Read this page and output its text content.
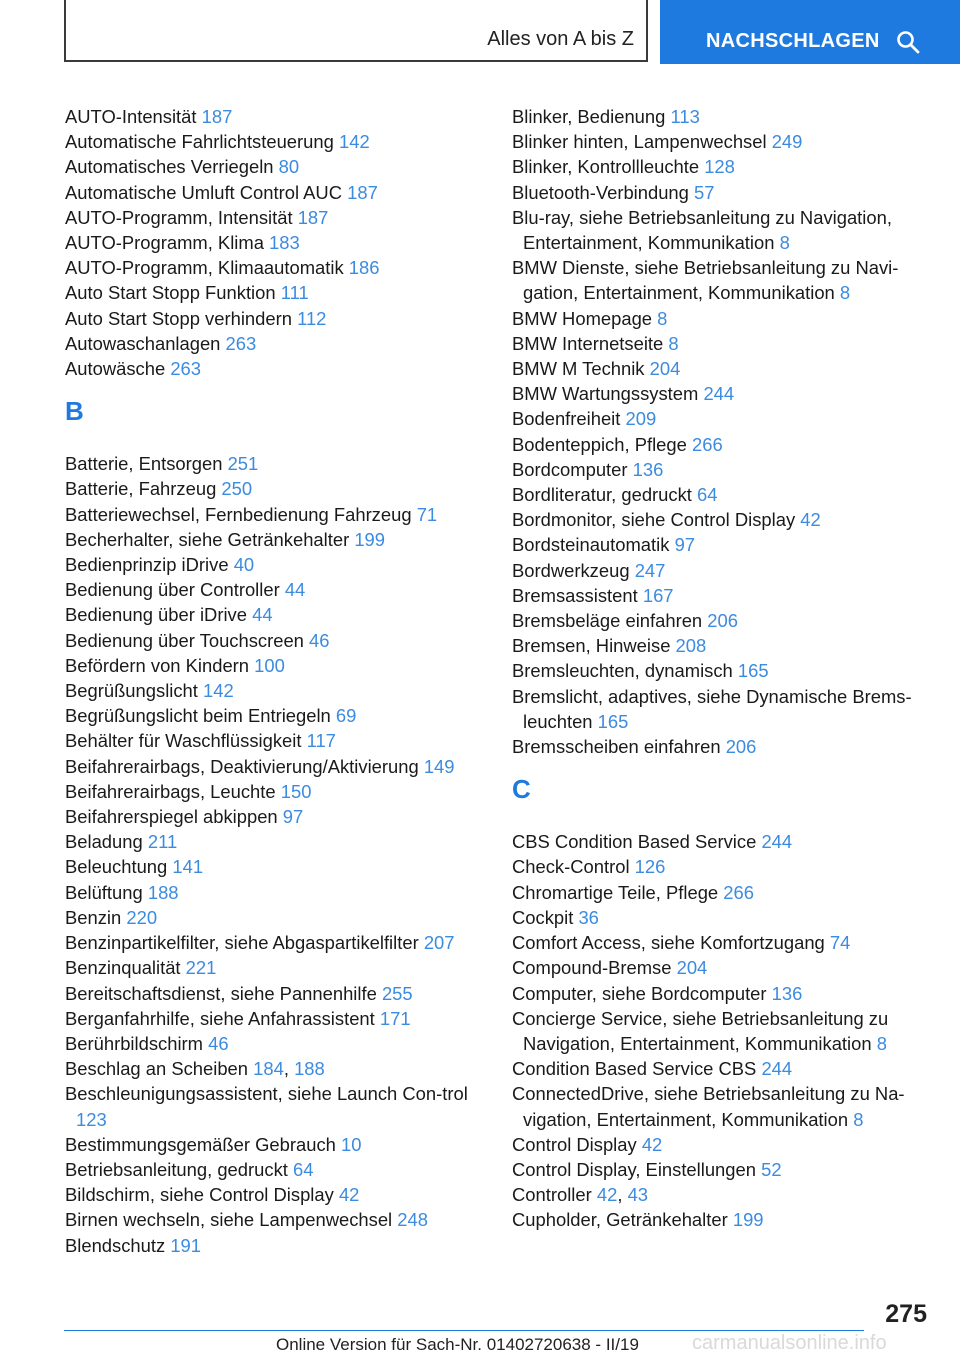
Alles von A bis Z	NACHSCHLAGEN
AUTO-Intensität 187
Automatische Fahrlichtsteuerung 142
Automatisches Verriegeln 80
Automatische Umluft Control AUC 187
AUTO-Programm, Intensität 187
AUTO-Programm, Klima 183
AUTO-Programm, Klimaautomatik 186
Auto Start Stopp Funktion 111
Auto Start Stopp verhindern 112
Autowaschanlagen 263
Autowäsche 263
B
Batterie, Entsorgen 251
Batterie, Fahrzeug 250
Batteriewechsel, Fernbedienung Fahrzeug 71
Becherhalter, siehe Getränkehalter 199
Bedienprinzip iDrive 40
Bedienung über Controller 44
Bedienung über iDrive 44
Bedienung über Touchscreen 46
Befördern von Kindern 100
Begrüßungslicht 142
Begrüßungslicht beim Entriegeln 69
Behälter für Waschflüssigkeit 117
Beifahrerairbags, Deaktivierung/Aktivierung 149
Beifahrerairbags, Leuchte 150
Beifahrerspiegel abkippen 97
Beladung 211
Beleuchtung 141
Belüftung 188
Benzin 220
Benzinpartikelfilter, siehe Abgaspartikelfilter 207
Benzinqualität 221
Bereitschaftsdienst, siehe Pannenhilfe 255
Berganfahrhilfe, siehe Anfahrassistent 171
Berührbildschirm 46
Beschlag an Scheiben 184, 188
Beschleunigungsassistent, siehe Launch Con-trol 123
Bestimmungsgemäßer Gebrauch 10
Betriebsanleitung, gedruckt 64
Bildschirm, siehe Control Display 42
Birnen wechseln, siehe Lampenwechsel 248
Blendschutz 191
Blinker, Bedienung 113
Blinker hinten, Lampenwechsel 249
Blinker, Kontrollleuchte 128
Bluetooth-Verbindung 57
Blu-ray, siehe Betriebsanleitung zu Navigation, Entertainment, Kommunikation 8
BMW Dienste, siehe Betriebsanleitung zu Navi-gation, Entertainment, Kommunikation 8
BMW Homepage 8
BMW Internetseite 8
BMW M Technik 204
BMW Wartungssystem 244
Bodenfreiheit 209
Bodenteppich, Pflege 266
Bordcomputer 136
Bordliteratur, gedruckt 64
Bordmonitor, siehe Control Display 42
Bordsteinautomatik 97
Bordwerkzeug 247
Bremsassistent 167
Bremsbeläge einfahren 206
Bremsen, Hinweise 208
Bremsleuchten, dynamisch 165
Bremslicht, adaptives, siehe Dynamische Brems-leuchten 165
Bremsscheiben einfahren 206
C
CBS Condition Based Service 244
Check-Control 126
Chromartige Teile, Pflege 266
Cockpit 36
Comfort Access, siehe Komfortzugang 74
Compound-Bremse 204
Computer, siehe Bordcomputer 136
Concierge Service, siehe Betriebsanleitung zu Navigation, Entertainment, Kommunikation 8
Condition Based Service CBS 244
ConnectedDrive, siehe Betriebsanleitung zu Na-vigation, Entertainment, Kommunikation 8
Control Display 42
Control Display, Einstellungen 52
Controller 42, 43
Cupholder, Getränkehalter 199
275
Online Version für Sach-Nr. 01402720638 - II/19	carmanualsonline.info
